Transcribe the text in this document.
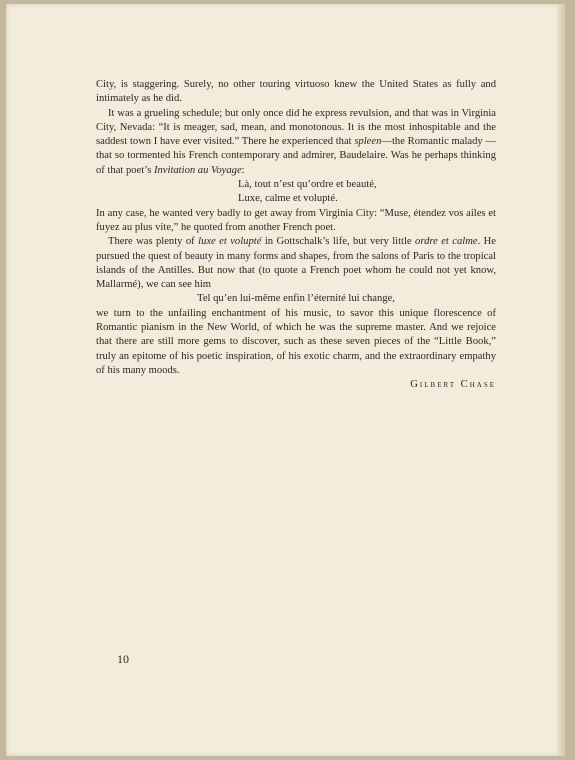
City, is staggering. Surely, no other touring virtuoso knew the United States as fully and intimately as he did.

It was a grueling schedule; but only once did he express revulsion, and that was in Virginia City, Nevada: “It is meager, sad, mean, and monotonous. It is the most inhospitable and the saddest town I have ever visited.” There he experienced that spleen—the Romantic malady —that so tormented his French contemporary and admirer, Baudelaire. Was he perhaps thinking of that poet’s Invitation au Voyage:

Là, tout n’est qu’ordre et beauté,
Luxe, calme et volupté.

In any case, he wanted very badly to get away from Virginia City: “Muse, étendez vos ailes et fuyez au plus vite,” he quoted from another French poet.

There was plenty of luxe et volupté in Gottschalk’s life, but very little ordre et calme. He pursued the quest of beauty in many forms and shapes, from the salons of Paris to the tropical islands of the Antilles. But now that (to quote a French poet whom he could not yet know, Mallarmé), we can see him

Tel qu’en lui-même enfin l’éternité lui change,

we turn to the unfailing enchantment of his music, to savor this unique florescence of Romantic pianism in the New World, of which he was the supreme master. And we rejoice that there are still more gems to discover, such as these seven pieces of the “Little Book,” truly an epitome of his poetic inspiration, of his exotic charm, and the extraordinary empathy of his many moods.

Gilbert Chase

10
